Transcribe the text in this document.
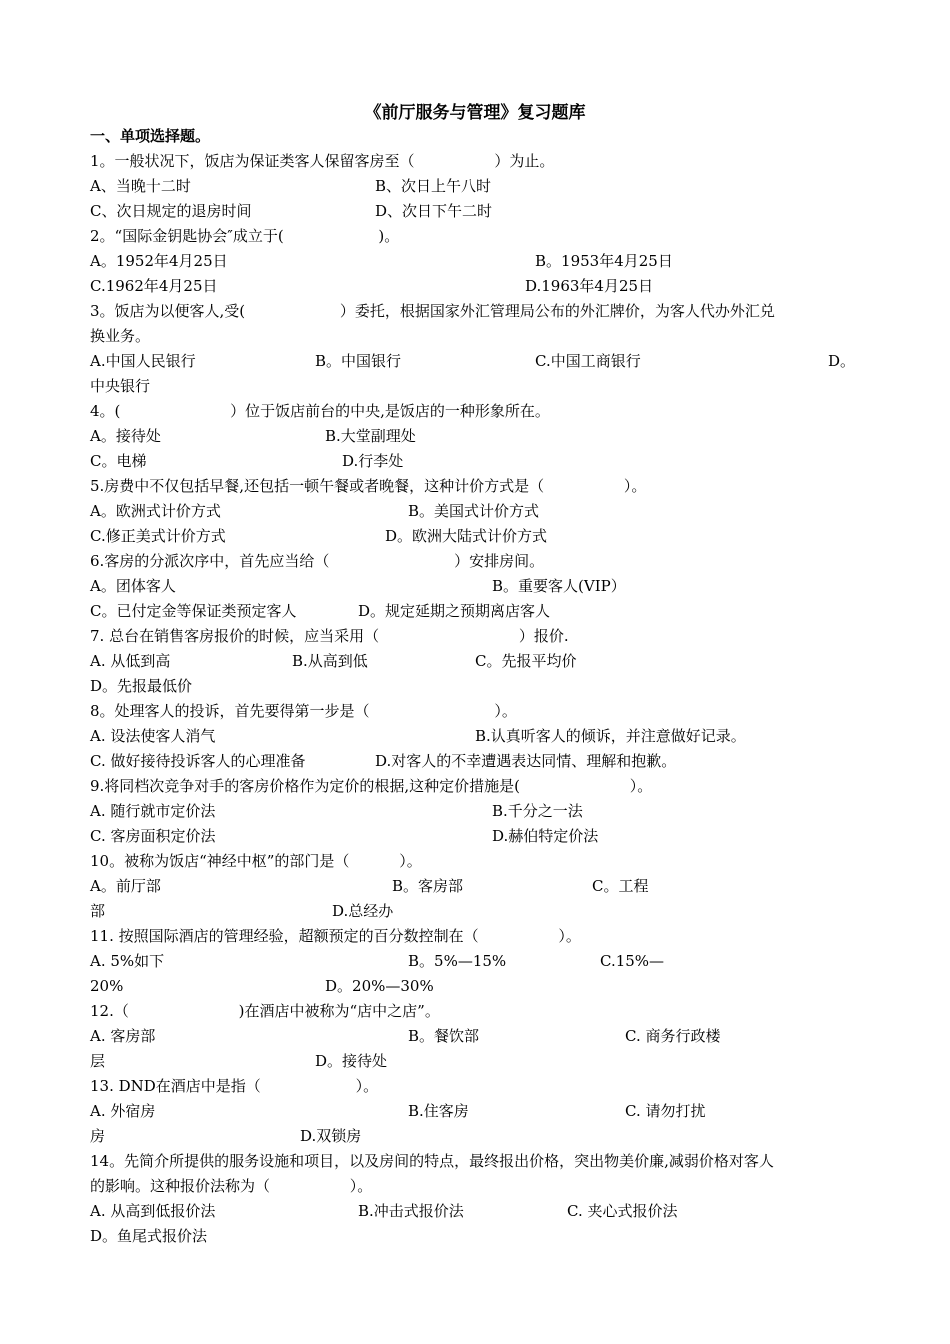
《前厅服务与管理》复习题库
一、单项选择题。
1。一般状况下，饭店为保证类客人保留客房至（　　　　　 ）为止。
A、当晚十二时	B、次日上午八时
C、次日规定的退房时间	D、次日下午二时
2。“国际金钥匙协会″成立于(　　　　　　 )。
A。1952年4月25日	B。1953年4月25日
C.1962年4月25日	D.1963年4月25日
3。饭店为以便客人,受(　　　　　　 ）委托，根据国家外汇管理局公布的外汇牌价，为客人代办外汇兑
换业务。
A.中国人民银行	B。中国银行	C.中国工商银行	D。
中央银行
4。(　　　　　　　 ）位于饭店前台的中央,是饭店的一种形象所在。
A。接待处	B.大堂副理处
C。电梯	D.行李处
5.房费中不仅包括早餐,还包括一顿午餐或者晚餐，这种计价方式是（　　　　　 ）。
A。欧洲式计价方式	B。美国式计价方式
C.修正美式计价方式	D。欧洲大陆式计价方式
6.客房的分派次序中，首先应当给（　　　　　　　　 ）安排房间。
A。团体客人	B。重要客人(VIP）
C。已付定金等保证类预定客人	D。规定延期之预期离店客人
7. 总台在销售客房报价的时候，应当采用（　　　　　　　　　 ）报价.
A. 从低到高	B.从高到低	C。先报平均价
D。先报最低价
8。处理客人的投诉，首先要得第一步是（　　　　　　　　 ）。
A. 设法使客人消气	B.认真听客人的倾诉，并注意做好记录。
C. 做好接待投诉客人的心理准备	D.对客人的不幸遭遇表达同情、理解和抱歉。
9.将同档次竞争对手的客房价格作为定价的根据,这种定价措施是(　　　　　　　 ）。
A. 随行就市定价法	B.千分之一法
C. 客房面积定价法	D.赫伯特定价法
10。被称为饭店“神经中枢”的部门是（　　　 ）。
A。前厅部	B。客房部	C。工程
部	D.总经办
11. 按照国际酒店的管理经验，超额预定的百分数控制在（　　　　　 ）。
A. 5%如下	B。5%—15%	C.15%—
20%	D。20%—30%
12.（　　　　　　　 )在酒店中被称为“店中之店”。
A. 客房部	B。餐饮部	C. 商务行政楼
层	D。接待处
13. DND在酒店中是指（　　　　　　 ）。
A. 外宿房	B.住客房	C. 请勿打扰
房	D.双锁房
14。先简介所提供的服务设施和项目，以及房间的特点，最终报出价格，突出物美价廉,减弱价格对客人
的影响。这种报价法称为（　　　　　 ）。
A. 从高到低报价法	B.冲击式报价法	C. 夹心式报价法
D。鱼尾式报价法
